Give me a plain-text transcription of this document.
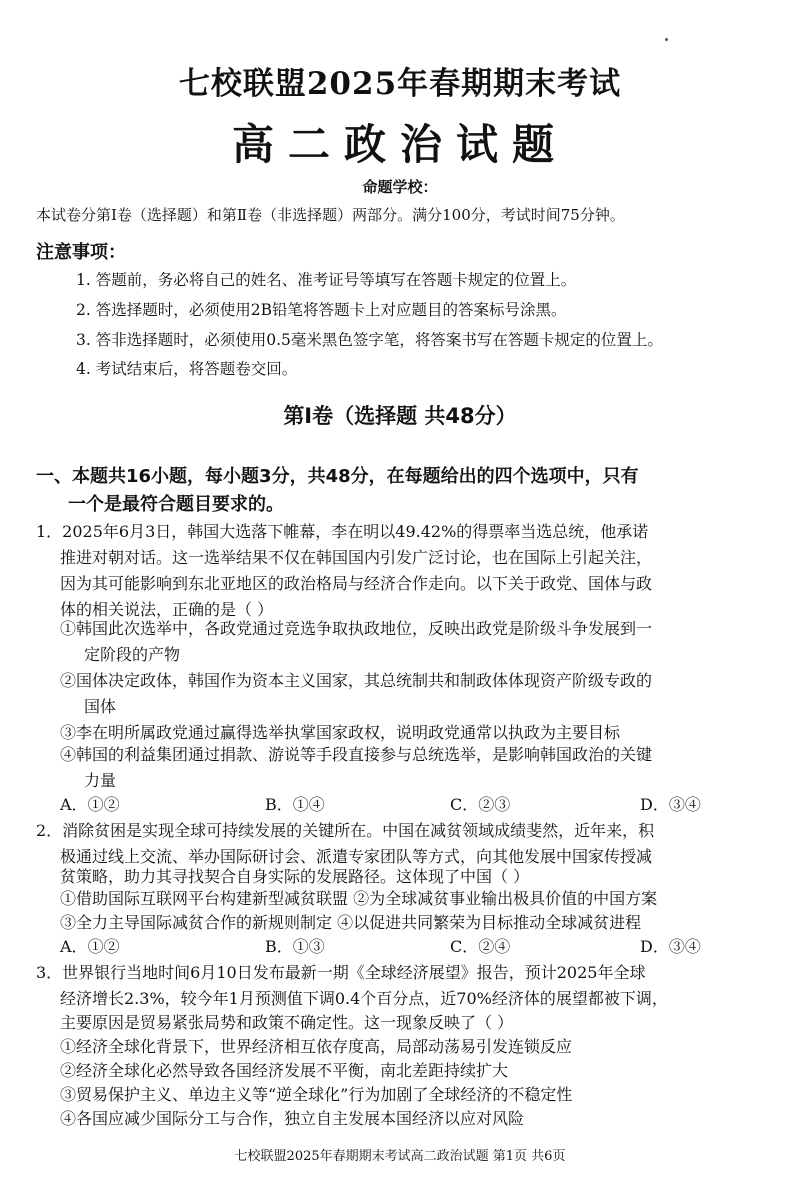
七校联盟2025年春期期末考试
高二政治试题
命题学校：
本试卷分第Ⅰ卷（选择题）和第Ⅱ卷（非选择题）两部分。满分100分，考试时间75分钟。
注意事项：
1. 答题前，务必将自己的姓名、准考证号等填写在答题卡规定的位置上。
2. 答选择题时，必须使用2B铅笔将答题卡上对应题目的答案标号涂黑。
3. 答非选择题时，必须使用0.5毫米黑色签字笔，将答案书写在答题卡规定的位置上。
4. 考试结束后，将答题卷交回。
第Ⅰ卷（选择题 共48分）
一、本题共16小题，每小题3分，共48分，在每题给出的四个选项中，只有
一个是最符合题目要求的。
1．2025年6月3日，韩国大选落下帷幕，李在明以49.42%的得票率当选总统，他承诺
推进对朝对话。这一选举结果不仅在韩国国内引发广泛讨论，也在国际上引起关注，
因为其可能影响到东北亚地区的政治格局与经济合作走向。以下关于政党、国体与政
体的相关说法，正确的是（ ）
①韩国此次选举中，各政党通过竞选争取执政地位，反映出政党是阶级斗争发展到一
定阶段的产物
②国体决定政体，韩国作为资本主义国家，其总统制共和制政体体现资产阶级专政的
国体
③李在明所属政党通过赢得选举执掌国家政权，说明政党通常以执政为主要目标
④韩国的利益集团通过捐款、游说等手段直接参与总统选举，是影响韩国政治的关键
力量
A．①②	B．①④	C．②③	D．③④
2．消除贫困是实现全球可持续发展的关键所在。中国在减贫领域成绩斐然，近年来，积
极通过线上交流、举办国际研讨会、派遣专家团队等方式，向其他发展中国家传授减
贫策略，助力其寻找契合自身实际的发展路径。这体现了中国（ ）
①借助国际互联网平台构建新型减贫联盟 ②为全球减贫事业输出极具价值的中国方案
③全力主导国际减贫合作的新规则制定 ④以促进共同繁荣为目标推动全球减贫进程
A．①②	B．①③	C．②④	D．③④
3．世界银行当地时间6月10日发布最新一期《全球经济展望》报告，预计2025年全球
经济增长2.3%，较今年1月预测值下调0.4个百分点，近70%经济体的展望都被下调，
主要原因是贸易紧张局势和政策不确定性。这一现象反映了（ ）
①经济全球化背景下，世界经济相互依存度高，局部动荡易引发连锁反应
②经济全球化必然导致各国经济发展不平衡，南北差距持续扩大
③贸易保护主义、单边主义等“逆全球化”行为加剧了全球经济的不稳定性
④各国应减少国际分工与合作，独立自主发展本国经济以应对风险
七校联盟2025年春期期末考试高二政治试题 第1页 共6页
